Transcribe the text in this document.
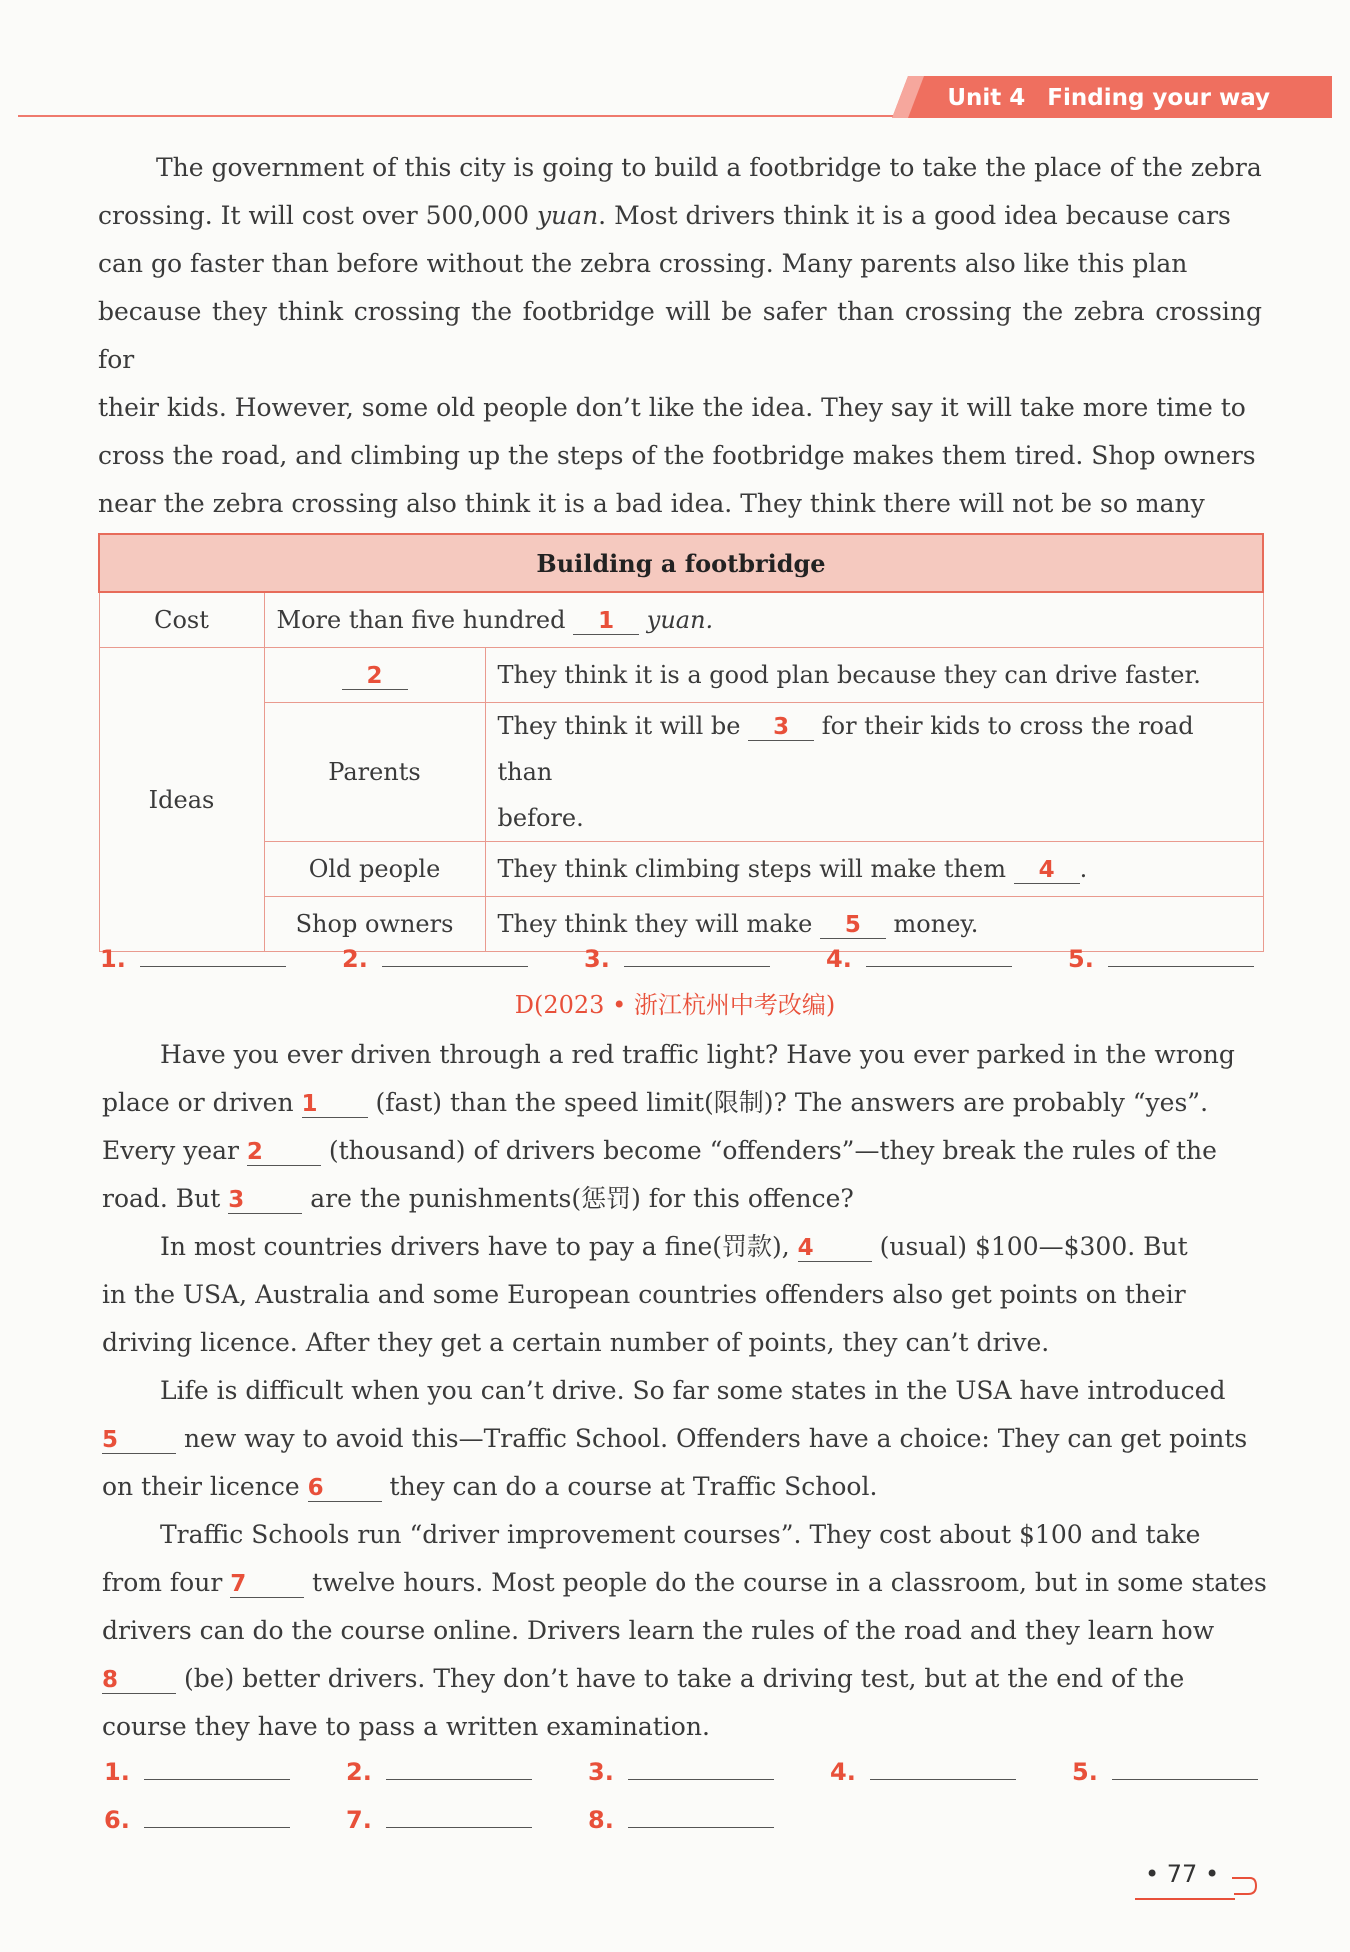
Unit 4 Finding your way
The government of this city is going to build a footbridge to take the place of the zebra
crossing. It will cost over 500,000 yuan. Most drivers think it is a good idea because cars
can go faster than before without the zebra crossing. Many parents also like this plan
because they think crossing the footbridge will be safer than crossing the zebra crossing for
their kids. However, some old people don’t like the idea. They say it will take more time to
cross the road, and climbing up the steps of the footbridge makes them tired. Shop owners
near the zebra crossing also think it is a bad idea. They think there will not be so many
Building a footbridge		
Cost	More than five hundred 1 yuan.	
Ideas	2	They think it is a good plan because they can drive faster.
	Parents	They think it will be 3 for their kids to cross the road than
before.
	Old people	They think climbing steps will make them 4 .
	Shop owners	They think they will make 5 money.
1.	2.	3.	4.	5.
D(2023 • 浙江杭州中考改编)
Have you ever driven through a red traffic light? Have you ever parked in the wrong
place or driven 1 (fast) than the speed limit(限制)? The answers are probably “yes”.
Every year 2 (thousand) of drivers become “offenders”—they break the rules of the
road. But 3 are the punishments(惩罚) for this offence?
In most countries drivers have to pay a fine(罚款), 4 (usual) $100—$300. But
in the USA, Australia and some European countries offenders also get points on their
driving licence. After they get a certain number of points, they can’t drive.
Life is difficult when you can’t drive. So far some states in the USA have introduced
5 new way to avoid this—Traffic School. Offenders have a choice: They can get points
on their licence 6 they can do a course at Traffic School.
Traffic Schools run “driver improvement courses”. They cost about $100 and take
from four 7 twelve hours. Most people do the course in a classroom, but in some states
drivers can do the course online. Drivers learn the rules of the road and they learn how
8 (be) better drivers. They don’t have to take a driving test, but at the end of the
course they have to pass a written examination.
1.	2.	3.	4.	5.
6.	7.	8.
• 77 •
